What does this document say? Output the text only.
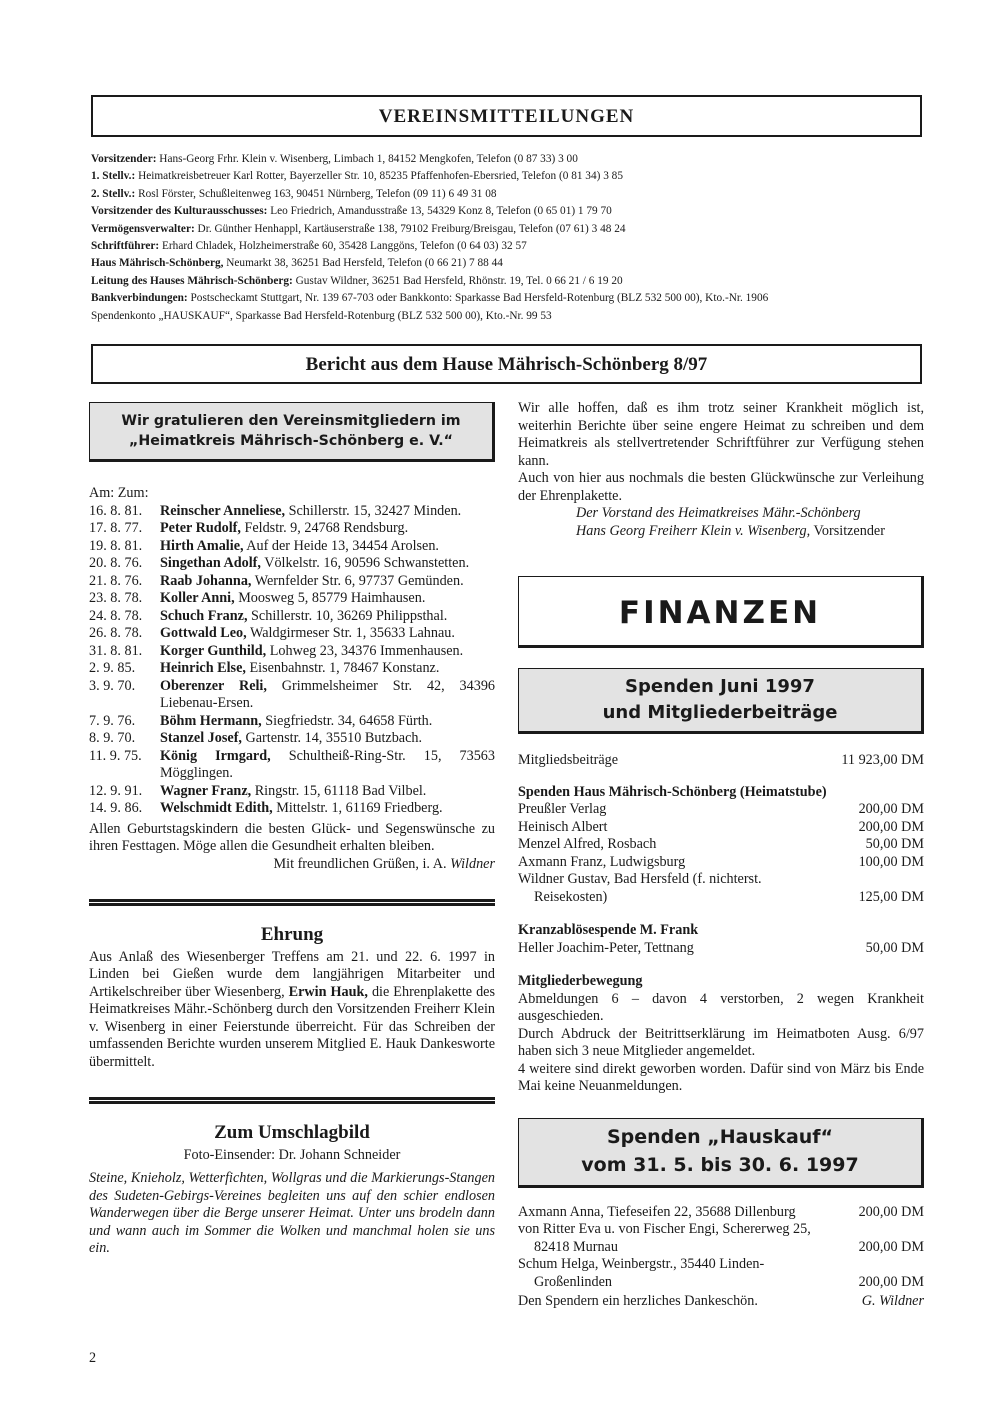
VEREINSMITTEILUNGEN
Vorsitzender: Hans-Georg Frhr. Klein v. Wisenberg, Limbach 1, 84152 Mengkofen, Telefon (0 87 33) 3 00
1. Stellv.: Heimatkreisbetreuer Karl Rotter, Bayerzeller Str. 10, 85235 Pfaffenhofen-Ebersried, Telefon (0 81 34) 3 85
2. Stellv.: Rosl Förster, Schußleitenweg 163, 90451 Nürnberg, Telefon (09 11) 6 49 31 08
Vorsitzender des Kulturausschusses: Leo Friedrich, Amandusstraße 13, 54329 Konz 8, Telefon (0 65 01) 1 79 70
Vermögensverwalter: Dr. Günther Henhappl, Kartäuserstraße 138, 79102 Freiburg/Breisgau, Telefon (07 61) 3 48 24
Schriftführer: Erhard Chladek, Holzheimerstraße 60, 35428 Langgöns, Telefon (0 64 03) 32 57
Haus Mährisch-Schönberg, Neumarkt 38, 36251 Bad Hersfeld, Telefon (0 66 21) 7 88 44
Leitung des Hauses Mährisch-Schönberg: Gustav Wildner, 36251 Bad Hersfeld, Rhönstr. 19, Tel. 0 66 21 / 6 19 20
Bankverbindungen: Postscheckamt Stuttgart, Nr. 139 67-703 oder Bankkonto: Sparkasse Bad Hersfeld-Rotenburg (BLZ 532 500 00), Kto.-Nr. 1906
Spendenkonto „HAUSKAUF“, Sparkasse Bad Hersfeld-Rotenburg (BLZ 532 500 00), Kto.-Nr. 99 53
Bericht aus dem Hause Mährisch-Schönberg 8/97
Wir gratulieren den Vereinsmitgliedern im
„Heimatkreis Mährisch-Schönberg e. V.“
Am: Zum:
16. 8. 81.	Reinscher Anneliese, Schillerstr. 15, 32427 Minden.
17. 8. 77.	Peter Rudolf, Feldstr. 9, 24768 Rendsburg.
19. 8. 81.	Hirth Amalie, Auf der Heide 13, 34454 Arolsen.
20. 8. 76.	Singethan Adolf, Völkelstr. 16, 90596 Schwanstetten.
21. 8. 76.	Raab Johanna, Wernfelder Str. 6, 97737 Gemünden.
23. 8. 78.	Koller Anni, Moosweg 5, 85779 Haimhausen.
24. 8. 78.	Schuch Franz, Schillerstr. 10, 36269 Philippsthal.
26. 8. 78.	Gottwald Leo, Waldgirmeser Str. 1, 35633 Lahnau.
31. 8. 81.	Korger Gunthild, Lohweg 23, 34376 Immenhausen.
2. 9. 85.	Heinrich Else, Eisenbahnstr. 1, 78467 Konstanz.
3. 9. 70.	Oberenzer Reli, Grimmelsheimer Str. 42, 34396 Liebenau-Ersen.
7. 9. 76.	Böhm Hermann, Siegfriedstr. 34, 64658 Fürth.
8. 9. 70.	Stanzel Josef, Gartenstr. 14, 35510 Butzbach.
11. 9. 75.	König Irmgard, Schultheiß-Ring-Str. 15, 73563 Mögglingen.
12. 9. 91.	Wagner Franz, Ringstr. 15, 61118 Bad Vilbel.
14. 9. 86.	Welschmidt Edith, Mittelstr. 1, 61169 Friedberg.
Allen Geburtstagskindern die besten Glück- und Segenswünsche zu ihren Festtagen. Möge allen die Gesundheit erhalten bleiben.
Mit freundlichen Grüßen, i. A. Wildner
Ehrung
Aus Anlaß des Wiesenberger Treffens am 21. und 22. 6. 1997 in Linden bei Gießen wurde dem langjährigen Mitarbeiter und Artikelschreiber über Wiesenberg, Erwin Hauk, die Ehrenplakette des Heimatkreises Mähr.-Schönberg durch den Vorsitzenden Freiherr Klein v. Wisenberg in einer Feierstunde überreicht. Für das Schreiben der umfassenden Berichte wurden unserem Mitglied E. Hauk Dankesworte übermittelt.
Zum Umschlagbild
Foto-Einsender: Dr. Johann Schneider
Steine, Knieholz, Wetterfichten, Wollgras und die Markierungs-Stangen des Sudeten-Gebirgs-Vereines begleiten uns auf den schier endlosen Wanderwegen über die Berge unserer Heimat. Unter uns brodeln dann und wann auch im Sommer die Wolken und manchmal holen sie uns ein.
Wir alle hoffen, daß es ihm trotz seiner Krankheit möglich ist, weiterhin Berichte über seine engere Heimat zu schreiben und dem Heimatkreis als stellvertretender Schriftführer zur Verfügung stehen kann.
Auch von hier aus nochmals die besten Glückwünsche zur Verleihung der Ehrenplakette.
Der Vorstand des Heimatkreises Mähr.-Schönberg
Hans Georg Freiherr Klein v. Wisenberg, Vorsitzender
FINANZEN
Spenden Juni 1997
und Mitgliederbeiträge
Mitgliedsbeiträge	11 923,00 DM
Spenden Haus Mährisch-Schönberg (Heimatstube)
Preußler Verlag	200,00 DM
Heinisch Albert	200,00 DM
Menzel Alfred, Rosbach	50,00 DM
Axmann Franz, Ludwigsburg	100,00 DM
Wildner Gustav, Bad Hersfeld (f. nichterst.
Reisekosten)	125,00 DM
Kranzablösespende M. Frank
Heller Joachim-Peter, Tettnang	50,00 DM
Mitgliederbewegung
Abmeldungen 6 – davon 4 verstorben, 2 wegen Krankheit ausgeschieden.
Durch Abdruck der Beitrittserklärung im Heimatboten Ausg. 6/97 haben sich 3 neue Mitglieder angemeldet.
4 weitere sind direkt geworben worden. Dafür sind von März bis Ende Mai keine Neuanmeldungen.
Spenden „Hauskauf“
vom 31. 5. bis 30. 6. 1997
Axmann Anna, Tiefeseifen 22, 35688 Dillenburg	200,00 DM
von Ritter Eva u. von Fischer Engi, Schererweg 25,
82418 Murnau	200,00 DM
Schum Helga, Weinbergstr., 35440 Linden-
Großenlinden	200,00 DM
Den Spendern ein herzliches Dankeschön.	G. Wildner
2
